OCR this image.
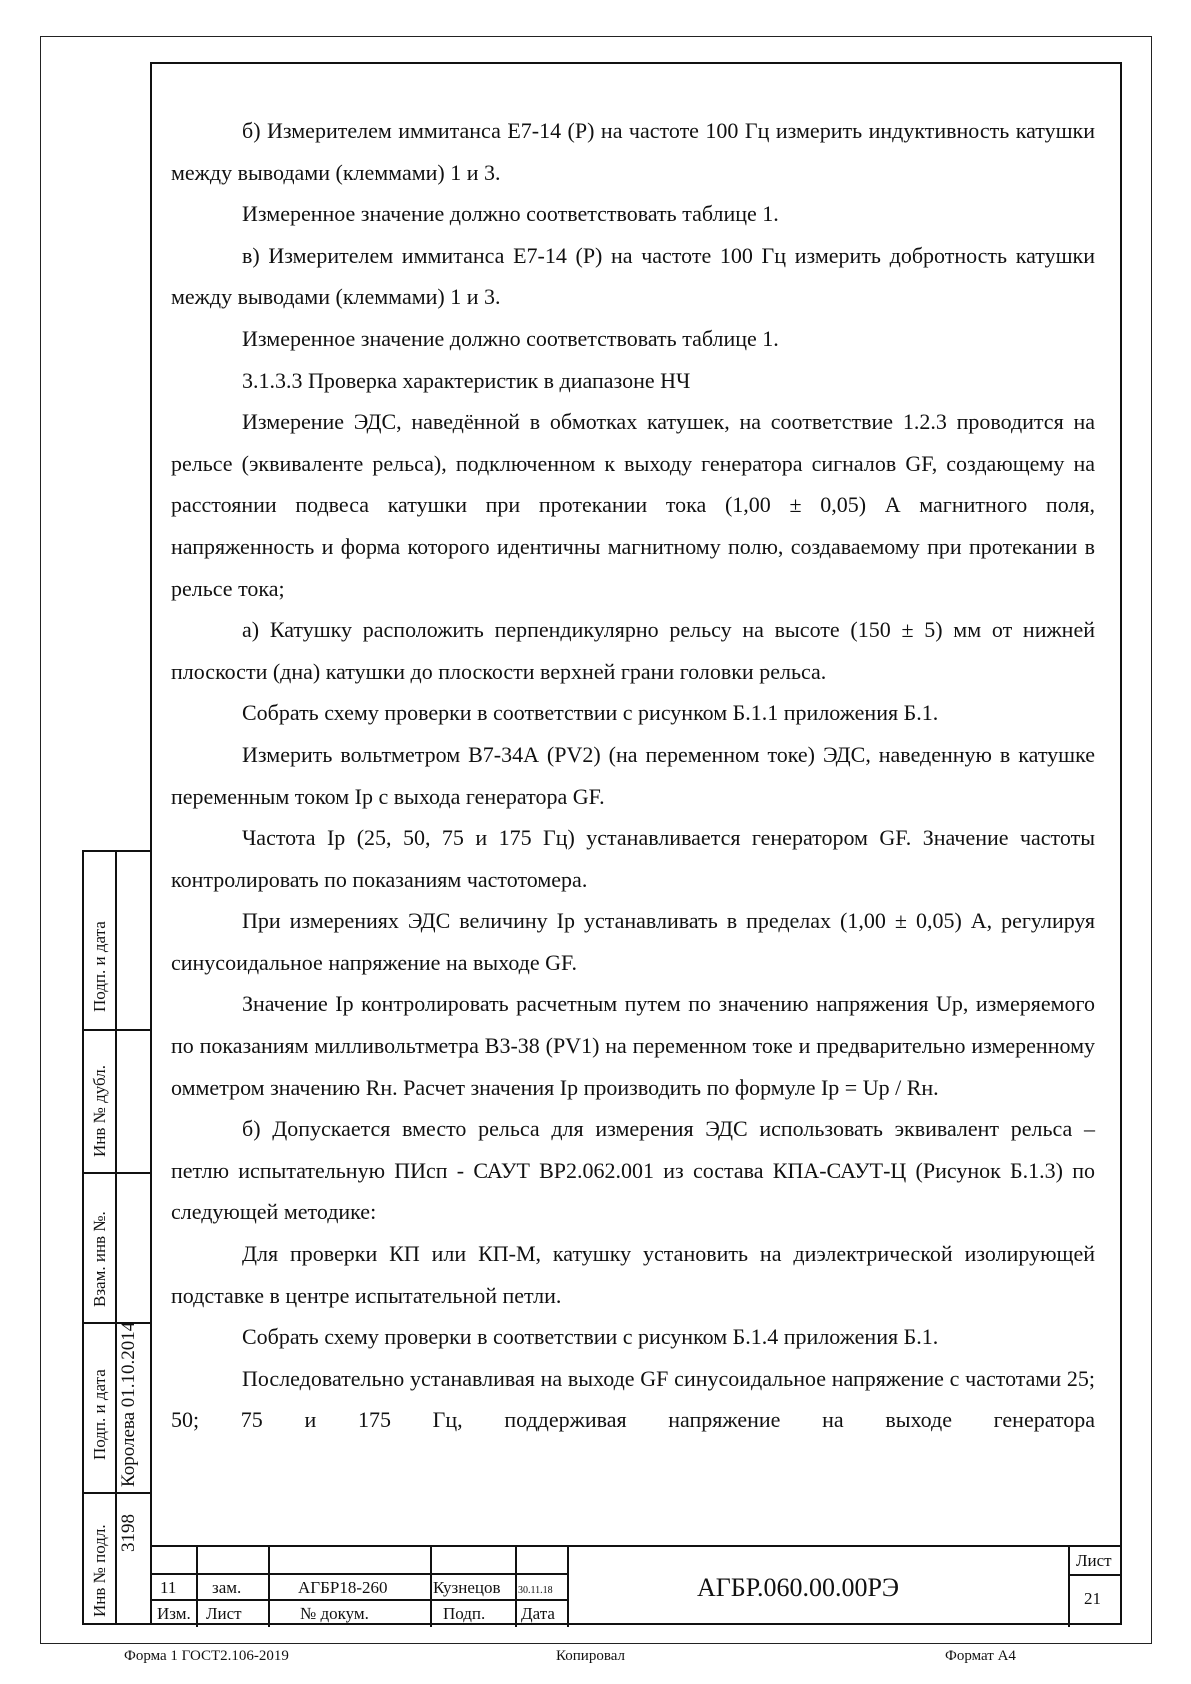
б) Измерителем иммитанса Е7-14 (Р) на частоте 100 Гц измерить индуктивность катушки между выводами (клеммами) 1 и 3.

Измеренное значение должно соответствовать таблице 1.

в) Измерителем иммитанса Е7-14 (Р) на частоте 100 Гц измерить добротность катушки между выводами (клеммами) 1 и 3.

Измеренное значение должно соответствовать таблице 1.

3.1.3.3 Проверка характеристик в диапазоне НЧ

Измерение ЭДС, наведённой в обмотках катушек, на соответствие 1.2.3 проводится на рельсе (эквиваленте рельса), подключенном к выходу генератора сигналов GF, создающему на расстоянии подвеса катушки при протекании тока (1,00 ± 0,05) А магнитного поля, напряженность и форма которого идентичны магнитному полю, создаваемому при протекании в рельсе тока;

а) Катушку расположить перпендикулярно рельсу на высоте (150 ± 5) мм от нижней плоскости (дна) катушки до плоскости верхней грани головки рельса.

Собрать схему проверки в соответствии с рисунком Б.1.1 приложения Б.1.

Измерить вольтметром В7-34А (PV2) (на переменном токе) ЭДС, наведенную в катушке переменным током Iр с выхода генератора GF.

Частота Iр (25, 50, 75 и 175 Гц) устанавливается генератором GF. Значение частоты контролировать по показаниям частотомера.

При измерениях ЭДС величину Iр устанавливать в пределах (1,00 ± 0,05) А, регулируя синусоидальное напряжение на выходе GF.

Значение Iр контролировать расчетным путем по значению напряжения Uр, измеряемого по показаниям милливольтметра В3-38 (PV1) на переменном токе и предварительно измеренному омметром значению Rн. Расчет значения Iр производить по формуле Iр = Uр / Rн.

б) Допускается вместо рельса для измерения ЭДС использовать эквивалент рельса – петлю испытательную ПИсп - САУТ ВР2.062.001 из состава КПА-САУТ-Ц (Рисунок Б.1.3) по следующей методике:

Для проверки КП или КП-М, катушку установить на диэлектрической изолирующей подставке в центре испытательной петли.

Собрать схему проверки в соответствии с рисунком Б.1.4 приложения Б.1.

Последовательно устанавливая на выходе GF синусоидальное напряжение с частотами 25; 50; 75 и 175 Гц, поддерживая напряжение на выходе генератора

Подп. и дата
Инв № дубл.
Взам. инв №.
Подп. и дата Королева 01.10.2014
Инв № подл. 3198
11 зам.	АГБР18-260	Кузнецов 30.11.18
Изм. Лист	№ докум.	Подп. Дата
АГБР.060.00.00РЭ
Лист
21
Форма 1 ГОСТ2.106-2019	Копировал	Формат А4
